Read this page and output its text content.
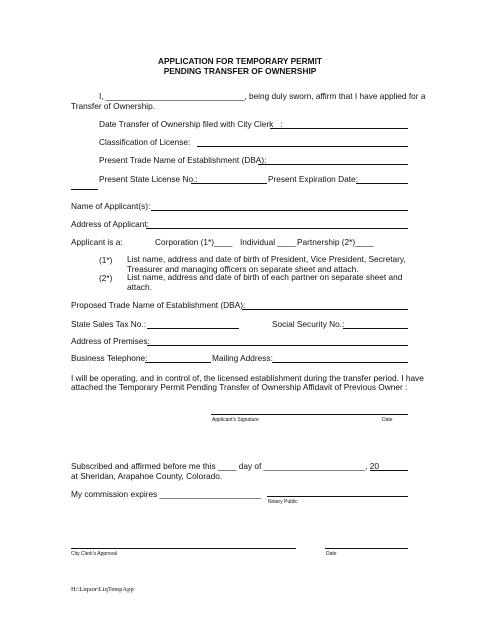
APPLICATION FOR TEMPORARY PERMIT
PENDING TRANSFER OF OWNERSHIP
I, ______________________________, being duly sworn, affirm that I have applied for a
Transfer of Ownership.
Date Transfer of Ownership filed with City Clerk _:
Classification of License:
Present Trade Name of Establishment (DBA):
Present State License No.:	Present Expiration Date:
Name of Applicant(s):
Address of Applicant:
Applicant is a:	Corporation (1*)____ Individual ____ Partnership (2*)____
(1*) List name, address and date of birth of President, Vice President, Secretary, Treasurer and managing officers on separate sheet and attach.
(2*) List name, address and date of birth of each partner on separate sheet and attach.
Proposed Trade Name of Establishment (DBA):
State Sales Tax No.:	Social Security No.:
Address of Premises:
Business Telephone:	Mailing Address:
I will be operating, and in control of, the licensed establishment during the transfer period. I have
attached the Temporary Permit Pending Transfer of Ownership Affidavit of Previous Owner :
Applicant's Signature	Date
Subscribed and affirmed before me this ____ day of ______________________, 20
at Sheridan, Arapahoe County, Colorado.
My commission expires ______________________
Notary Public
City Clerk's Approval	Date
H:\Liquor\LiqTempApp
